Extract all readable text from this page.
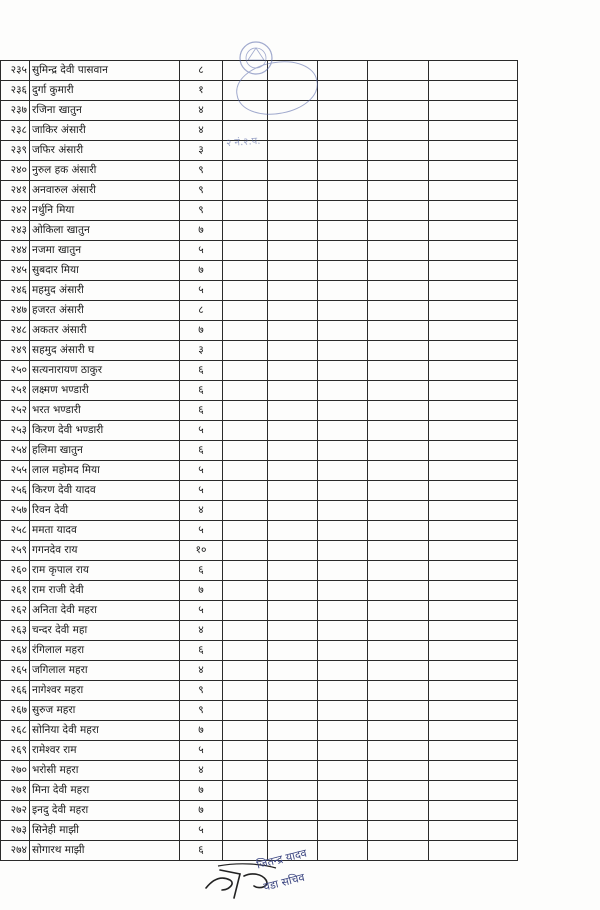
२३५	सुमिन्द्र देवी पासवान	८					
२३६	दुर्गा कुमारी	१					
२३७	रजिना खातुन	४					
२३८	जाकिर अंसारी	४					
२३९	जफिर अंसारी	३					
२४०	नुरुल हक अंसारी	९					
२४१	अनवारुल अंसारी	९					
२४२	नर्थुनि मिया	९					
२४३	ओकिला खातुन	७					
२४४	नजमा खातुन	५					
२४५	सुबदार मिया	७					
२४६	महमुद अंसारी	५					
२४७	हजरत अंसारी	८					
२४८	अकतर अंसारी	७					
२४९	सहमुद अंसारी घ	३					
२५०	सत्यनारायण ठाकुर	६					
२५१	लक्ष्मण भण्डारी	६					
२५२	भरत भण्डारी	६					
२५३	किरण देवी भण्डारी	५					
२५४	हलिमा खातुन	६					
२५५	लाल महोमद मिया	५					
२५६	किरण देवी यादव	५					
२५७	रिवन देवी	४					
२५८	ममता यादव	५					
२५९	गगनदेव राय	१०					
२६०	राम कृपाल राय	६					
२६१	राम राजी देवी	७					
२६२	अनिता देवी महरा	५					
२६३	चन्दर देवी महा	४					
२६४	रंगिलाल महरा	६					
२६५	जगिलाल महरा	४					
२६६	नागेश्वर महरा	९					
२६७	सुरुज महरा	९					
२६८	सोनिया देवी महरा	७					
२६९	रामेश्वर राम	५					
२७०	भरोसी महरा	४					
२७१	मिना देवी महरा	७					
२७२	इनदु देवी महरा	७					
२७३	सिनेही माझी	५					
२७४	सोगारथ माझी	६					
२ नं.२.प.
जितन्द्र यादव
वडा सचिव
